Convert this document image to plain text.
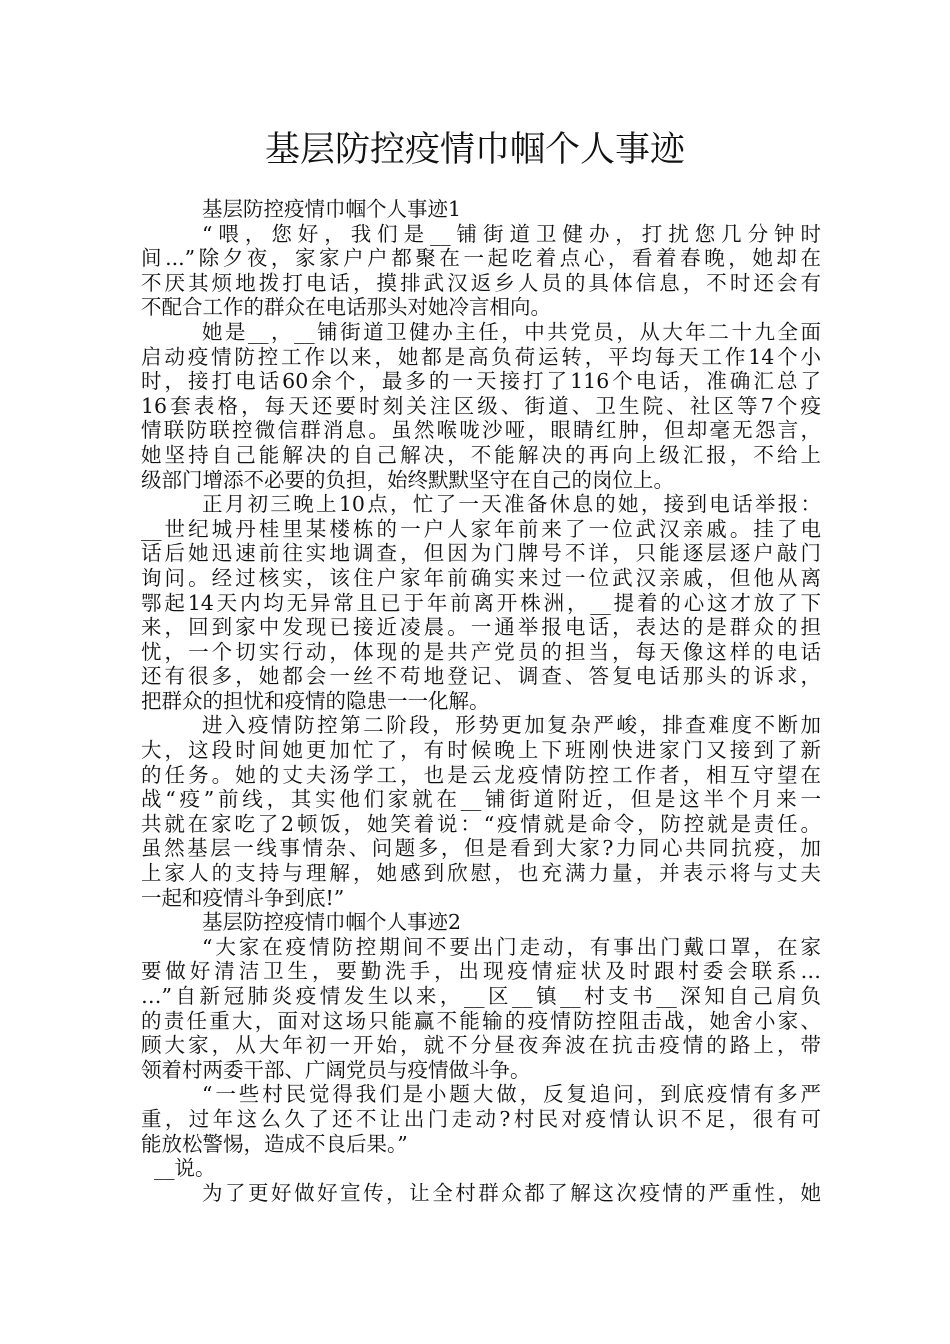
基层防控疫情巾帼个人事迹
基层防控疫情巾帼个人事迹1
“喂，您好，我们是__铺街道卫健办，打扰您几分钟时
间...”除夕夜，家家户户都聚在一起吃着点心，看着春晚，她却在
不厌其烦地拨打电话，摸排武汉返乡人员的具体信息，不时还会有
不配合工作的群众在电话那头对她冷言相向。
她是__，__铺街道卫健办主任，中共党员，从大年二十九全面
启动疫情防控工作以来，她都是高负荷运转，平均每天工作14个小
时，接打电话60余个，最多的一天接打了116个电话，准确汇总了
16套表格，每天还要时刻关注区级、街道、卫生院、社区等7个疫
情联防联控微信群消息。虽然喉咙沙哑，眼睛红肿，但却毫无怨言，
她坚持自己能解决的自己解决，不能解决的再向上级汇报，不给上
级部门增添不必要的负担，始终默默坚守在自己的岗位上。
正月初三晚上10点，忙了一天准备休息的她，接到电话举报：
__世纪城丹桂里某楼栋的一户人家年前来了一位武汉亲戚。挂了电
话后她迅速前往实地调查，但因为门牌号不详，只能逐层逐户敲门
询问。经过核实，该住户家年前确实来过一位武汉亲戚，但他从离
鄂起14天内均无异常且已于年前离开株洲，__提着的心这才放了下
来，回到家中发现已接近凌晨。一通举报电话，表达的是群众的担
忧，一个切实行动，体现的是共产党员的担当，每天像这样的电话
还有很多，她都会一丝不苟地登记、调查、答复电话那头的诉求，
把群众的担忧和疫情的隐患一一化解。
进入疫情防控第二阶段，形势更加复杂严峻，排查难度不断加
大，这段时间她更加忙了，有时候晚上下班刚快进家门又接到了新
的任务。她的丈夫汤学工，也是云龙疫情防控工作者，相互守望在
战“疫”前线，其实他们家就在__铺街道附近，但是这半个月来一
共就在家吃了2顿饭，她笑着说：“疫情就是命令，防控就是责任。
虽然基层一线事情杂、问题多，但是看到大家?力同心共同抗疫，加
上家人的支持与理解，她感到欣慰，也充满力量，并表示将与丈夫
一起和疫情斗争到底!”
基层防控疫情巾帼个人事迹2
“大家在疫情防控期间不要出门走动，有事出门戴口罩，在家
要做好清洁卫生，要勤洗手，出现疫情症状及时跟村委会联系…
…”自新冠肺炎疫情发生以来，__区__镇__村支书__深知自己肩负
的责任重大，面对这场只能赢不能输的疫情防控阻击战，她舍小家、
顾大家，从大年初一开始，就不分昼夜奔波在抗击疫情的路上，带
领着村两委干部、广阔党员与疫情做斗争。
“一些村民觉得我们是小题大做，反复追问，到底疫情有多严
重，过年这么久了还不让出门走动?村民对疫情认识不足，很有可
能放松警惕，造成不良后果。”
__说。
为了更好做好宣传，让全村群众都了解这次疫情的严重性，她
